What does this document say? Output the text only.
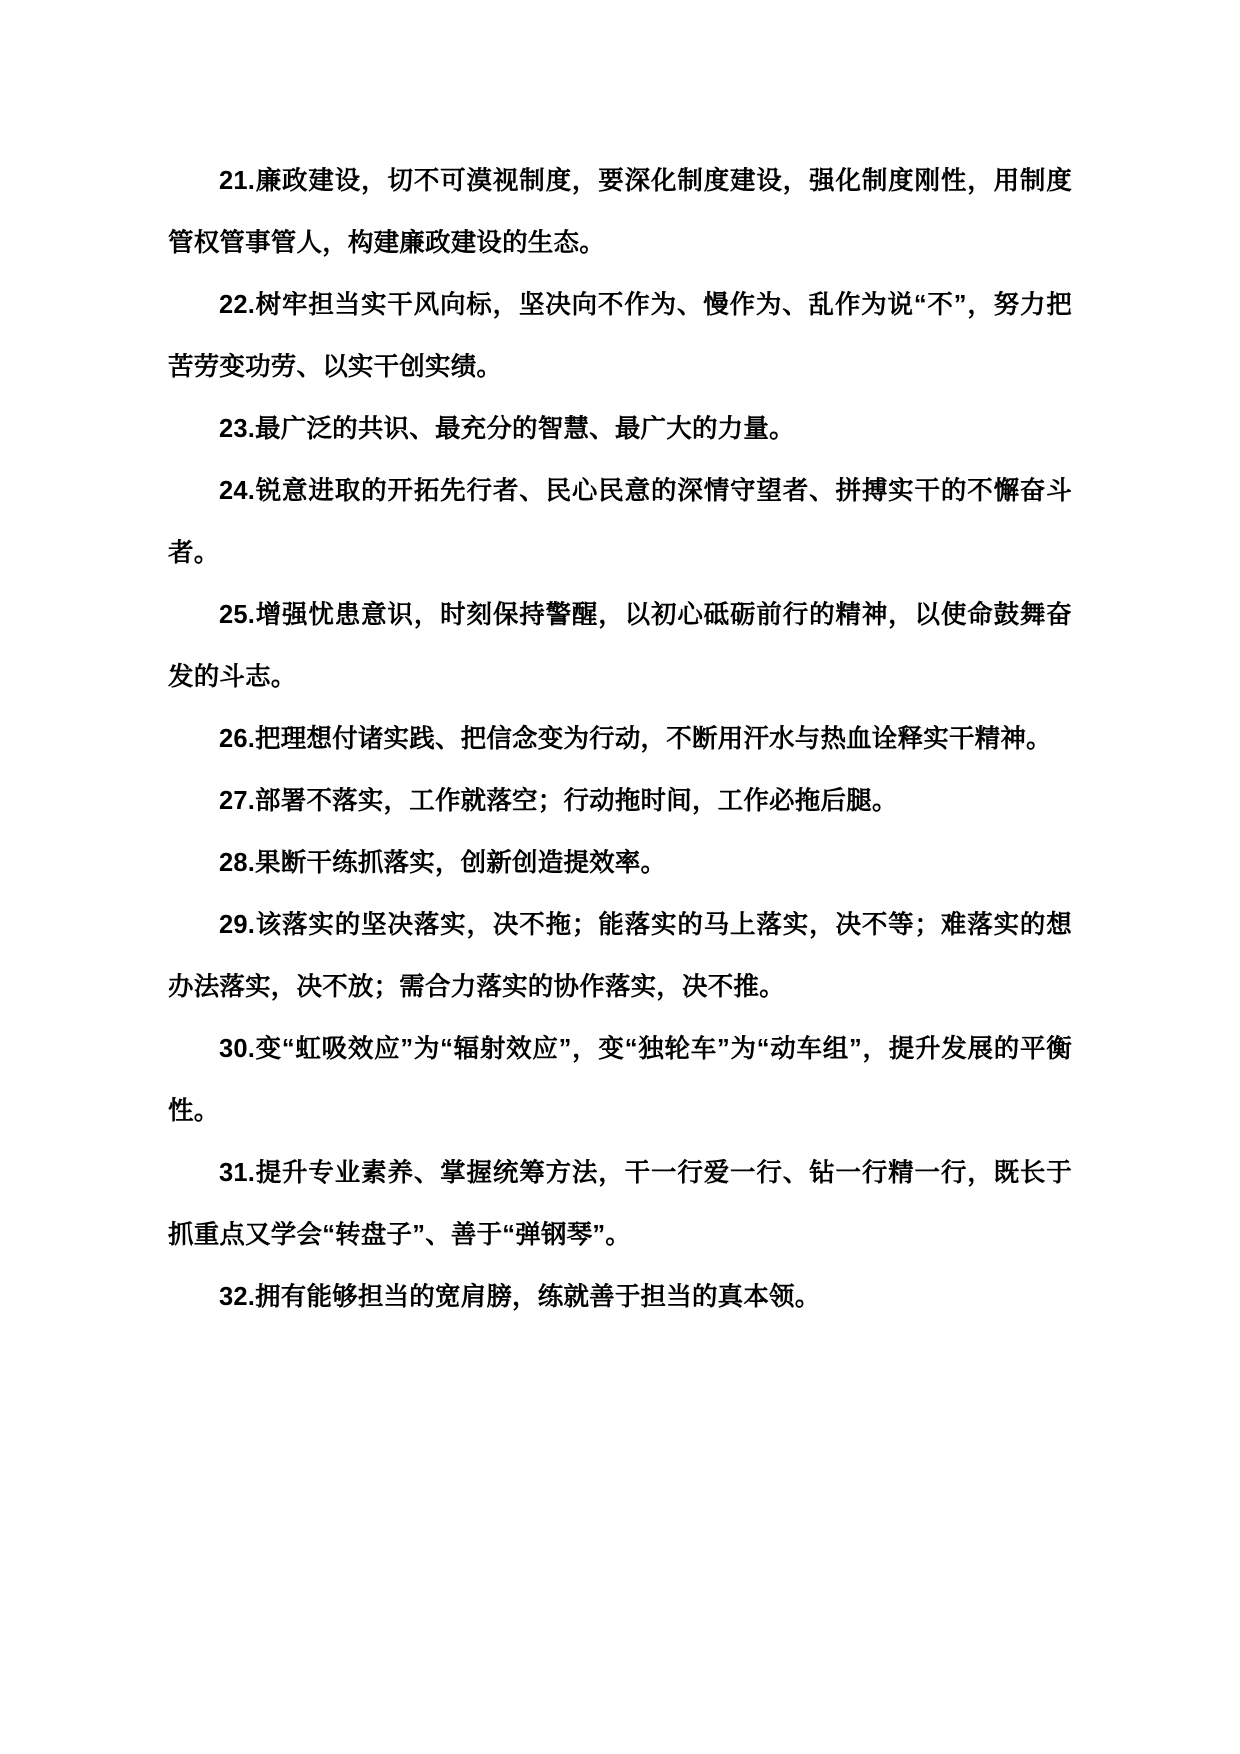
21.廉政建设，切不可漠视制度，要深化制度建设，强化制度刚性，用制度管权管事管人，构建廉政建设的生态。

22.树牢担当实干风向标，坚决向不作为、慢作为、乱作为说“不”，努力把苦劳变功劳、以实干创实绩。

23.最广泛的共识、最充分的智慧、最广大的力量。

24.锐意进取的开拓先行者、民心民意的深情守望者、拼搏实干的不懈奋斗者。

25.增强忧患意识，时刻保持警醒，以初心砥砺前行的精神，以使命鼓舞奋发的斗志。

26.把理想付诸实践、把信念变为行动，不断用汗水与热血诠释实干精神。

27.部署不落实，工作就落空；行动拖时间，工作必拖后腿。

28.果断干练抓落实，创新创造提效率。

29.该落实的坚决落实，决不拖；能落实的马上落实，决不等；难落实的想办法落实，决不放；需合力落实的协作落实，决不推。

30.变“虹吸效应”为“辐射效应”，变“独轮车”为“动车组”，提升发展的平衡性。

31.提升专业素养、掌握统筹方法，干一行爱一行、钻一行精一行，既长于抓重点又学会“转盘子”、善于“弹钢琴”。

32.拥有能够担当的宽肩膀，练就善于担当的真本领。
